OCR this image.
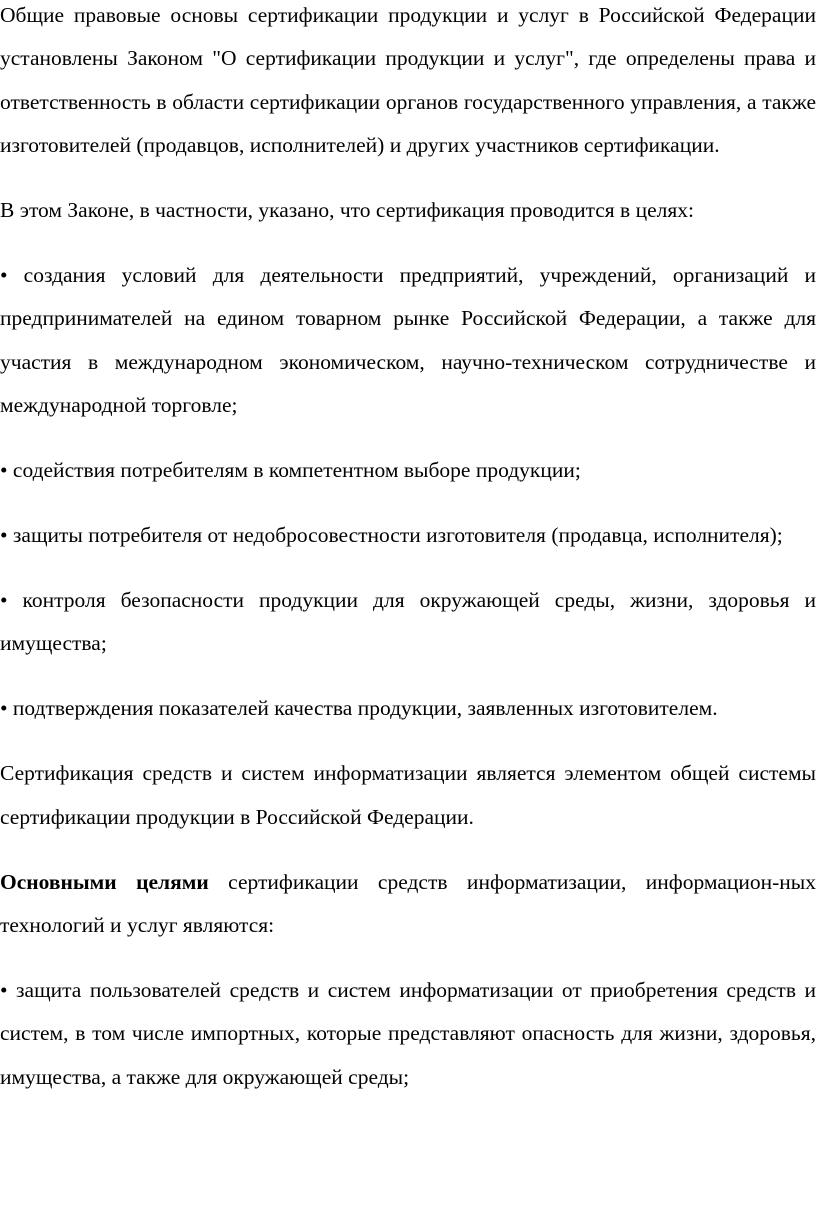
Общие правовые основы сертификации продукции и услуг в Российской Федерации установлены Законом "О сертификации продукции и услуг", где определены права и ответственность в области сертификации органов государственного управления, а также изготовителей (продавцов, исполнителей) и других участников сертификации.

В этом Законе, в частности, указано, что сертификация проводится в целях:

• создания условий для деятельности предприятий, учреждений, организаций и предпринимателей на едином товарном рынке Российской Федерации, а также для участия в международном экономическом, научно-техническом сотрудничестве и международной торговле;

• содействия потребителям в компетентном выборе продукции;

• защиты потребителя от недобросовестности изготовителя (продавца, исполнителя);

• контроля безопасности продукции для окружающей среды, жизни, здоровья и имущества;

• подтверждения показателей качества продукции, заявленных изготовителем.

Сертификация средств и систем информатизации является элементом общей системы сертификации продукции в Российской Федерации.

Основными целями сертификации средств информатизации, информацион-ных технологий и услуг являются:

• защита пользователей средств и систем информатизации от приобретения средств и систем, в том числе импортных, которые представляют опасность для жизни, здоровья, имущества, а также для окружающей среды;
